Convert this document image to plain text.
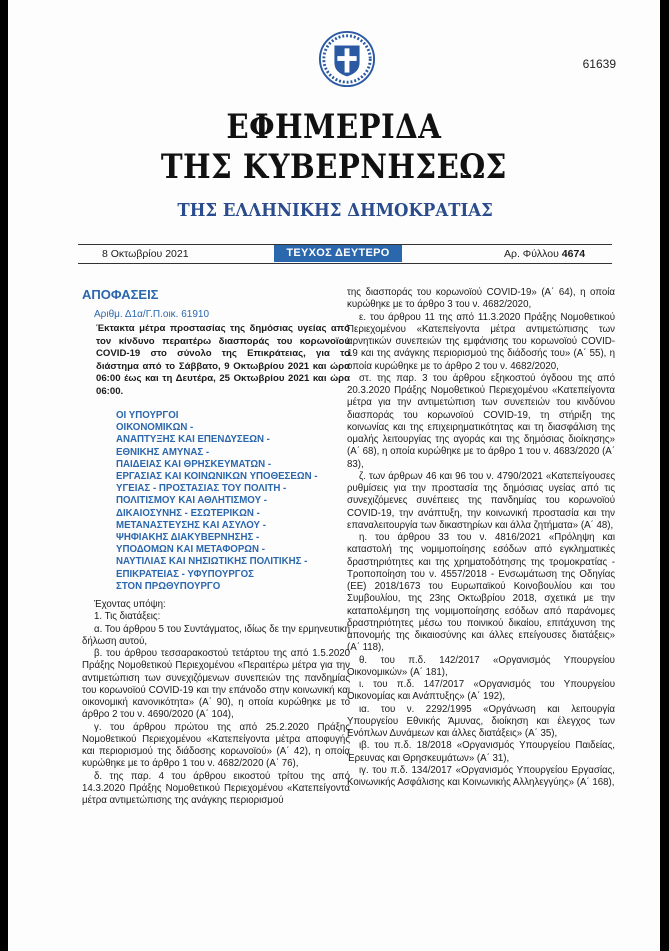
61639
ΕΦΗΜΕΡΙΔΑ
ΤΗΣ ΚΥΒΕΡΝΗΣΕΩΣ
ΤΗΣ ΕΛΛΗΝΙΚΗΣ ΔΗΜΟΚΡΑΤΙΑΣ
8 Οκτωβρίου 2021	ΤΕΥΧΟΣ ΔΕΥΤΕΡΟ	Αρ. Φύλλου 4674
ΑΠΟΦΑΣΕΙΣ
Αριθμ. Δ1α/Γ.Π.οικ. 61910
Έκτακτα μέτρα προστασίας της δημόσιας υγείας από τον κίνδυνο περαιτέρω διασποράς του κορωνοϊού COVID-19 στο σύνολο της Επικράτειας, για το διάστημα από το Σάββατο, 9 Οκτωβρίου 2021 και ώρα 06:00 έως και τη Δευτέρα, 25 Οκτωβρίου 2021 και ώρα 06:00.
ΟΙ ΥΠΟΥΡΓΟΙ
ΟΙΚΟΝΟΜΙΚΩΝ -
ΑΝΑΠΤΥΞΗΣ ΚΑΙ ΕΠΕΝΔΥΣΕΩΝ -
ΕΘΝΙΚΗΣ ΑΜΥΝΑΣ -
ΠΑΙΔΕΙΑΣ ΚΑΙ ΘΡΗΣΚΕΥΜΑΤΩΝ -
ΕΡΓΑΣΙΑΣ ΚΑΙ ΚΟΙΝΩΝΙΚΩΝ ΥΠΟΘΕΣΕΩΝ -
ΥΓΕΙΑΣ - ΠΡΟΣΤΑΣΙΑΣ ΤΟΥ ΠΟΛΙΤΗ -
ΠΟΛΙΤΙΣΜΟΥ ΚΑΙ ΑΘΛΗΤΙΣΜΟΥ -
ΔΙΚΑΙΟΣΥΝΗΣ - ΕΣΩΤΕΡΙΚΩΝ -
ΜΕΤΑΝΑΣΤΕΥΣΗΣ ΚΑΙ ΑΣΥΛΟΥ -
ΨΗΦΙΑΚΗΣ ΔΙΑΚΥΒΕΡΝΗΣΗΣ -
ΥΠΟΔΟΜΩΝ ΚΑΙ ΜΕΤΑΦΟΡΩΝ -
ΝΑΥΤΙΛΙΑΣ ΚΑΙ ΝΗΣΙΩΤΙΚΗΣ ΠΟΛΙΤΙΚΗΣ -
ΕΠΙΚΡΑΤΕΙΑΣ - ΥΦΥΠΟΥΡΓΟΣ
ΣΤΟΝ ΠΡΩΘΥΠΟΥΡΓΟ

Έχοντας υπόψη:

1. Τις διατάξεις:

α. Του άρθρου 5 του Συντάγματος, ιδίως δε την ερμηνευτική δήλωση αυτού,

β. του άρθρου τεσσαρακοστού τετάρτου της από 1.5.2020 Πράξης Νομοθετικού Περιεχομένου «Περαιτέρω μέτρα για την αντιμετώπιση των συνεχιζόμενων συνεπειών της πανδημίας του κορωνοϊού COVID-19 και την επάνοδο στην κοινωνική και οικονομική κανονικότητα» (Α΄ 90), η οποία κυρώθηκε με το άρθρο 2 του ν. 4690/2020 (Α΄ 104),

γ. του άρθρου πρώτου της από 25.2.2020 Πράξης Νομοθετικού Περιεχομένου «Κατεπείγοντα μέτρα αποφυγής και περιορισμού της διάδοσης κορωνοϊού» (Α΄ 42), η οποία κυρώθηκε με το άρθρο 1 του ν. 4682/2020 (Α΄ 76),

δ. της παρ. 4 του άρθρου εικοστού τρίτου της από 14.3.2020 Πράξης Νομοθετικού Περιεχομένου «Κατεπείγοντα μέτρα αντιμετώπισης της ανάγκης περιορισμού

της διασποράς του κορωνοϊού COVID-19» (Α΄ 64), η οποία κυρώθηκε με το άρθρο 3 του ν. 4682/2020,

ε. του άρθρου 11 της από 11.3.2020 Πράξης Νομοθετικού Περιεχομένου «Κατεπείγοντα μέτρα αντιμετώπισης των αρνητικών συνεπειών της εμφάνισης του κορωνοϊού COVID-19 και της ανάγκης περιορισμού της διάδοσής του» (Α΄ 55), η οποία κυρώθηκε με το άρθρο 2 του ν. 4682/2020,

στ. της παρ. 3 του άρθρου εξηκοστού όγδοου της από 20.3.2020 Πράξης Νομοθετικού Περιεχομένου «Κατεπείγοντα μέτρα για την αντιμετώπιση των συνεπειών του κινδύνου διασποράς του κορωνοϊού COVID-19, τη στήριξη της κοινωνίας και της επιχειρηματικότητας και τη διασφάλιση της ομαλής λειτουργίας της αγοράς και της δημόσιας διοίκησης» (Α΄ 68), η οποία κυρώθηκε με το άρθρο 1 του ν. 4683/2020 (Α΄ 83),

ζ. των άρθρων 46 και 96 του ν. 4790/2021 «Κατεπείγουσες ρυθμίσεις για την προστασία της δημόσιας υγείας από τις συνεχιζόμενες συνέπειες της πανδημίας του κορωνοϊού COVID-19, την ανάπτυξη, την κοινωνική προστασία και την επαναλειτουργία των δικαστηρίων και άλλα ζητήματα» (Α΄ 48),

η. του άρθρου 33 του ν. 4816/2021 «Πρόληψη και καταστολή της νομιμοποίησης εσόδων από εγκληματικές δραστηριότητες και της χρηματοδότησης της τρομοκρατίας - Τροποποίηση του ν. 4557/2018 - Ενσωμάτωση της Οδηγίας (ΕΕ) 2018/1673 του Ευρωπαϊκού Κοινοβουλίου και του Συμβουλίου, της 23ης Οκτωβρίου 2018, σχετικά με την καταπολέμηση της νομιμοποίησης εσόδων από παράνομες δραστηριότητες μέσω του ποινικού δικαίου, επιτάχυνση της απονομής της δικαιοσύνης και άλλες επείγουσες διατάξεις» (Α΄ 118),

θ. του π.δ. 142/2017 «Οργανισμός Υπουργείου Οικονομικών» (Α΄ 181),

ι. του π.δ. 147/2017 «Οργανισμός του Υπουργείου Οικονομίας και Ανάπτυξης» (Α΄ 192),

ια. του ν. 2292/1995 «Οργάνωση και λειτουργία Υπουργείου Εθνικής Άμυνας, διοίκηση και έλεγχος των Ενόπλων Δυνάμεων και άλλες διατάξεις» (Α΄ 35),

ιβ. του π.δ. 18/2018 «Οργανισμός Υπουργείου Παιδείας, Έρευνας και Θρησκευμάτων» (Α΄ 31),

ιγ. του π.δ. 134/2017 «Οργανισμός Υπουργείου Εργασίας, Κοινωνικής Ασφάλισης και Κοινωνικής Αλληλεγγύης» (Α΄ 168),
